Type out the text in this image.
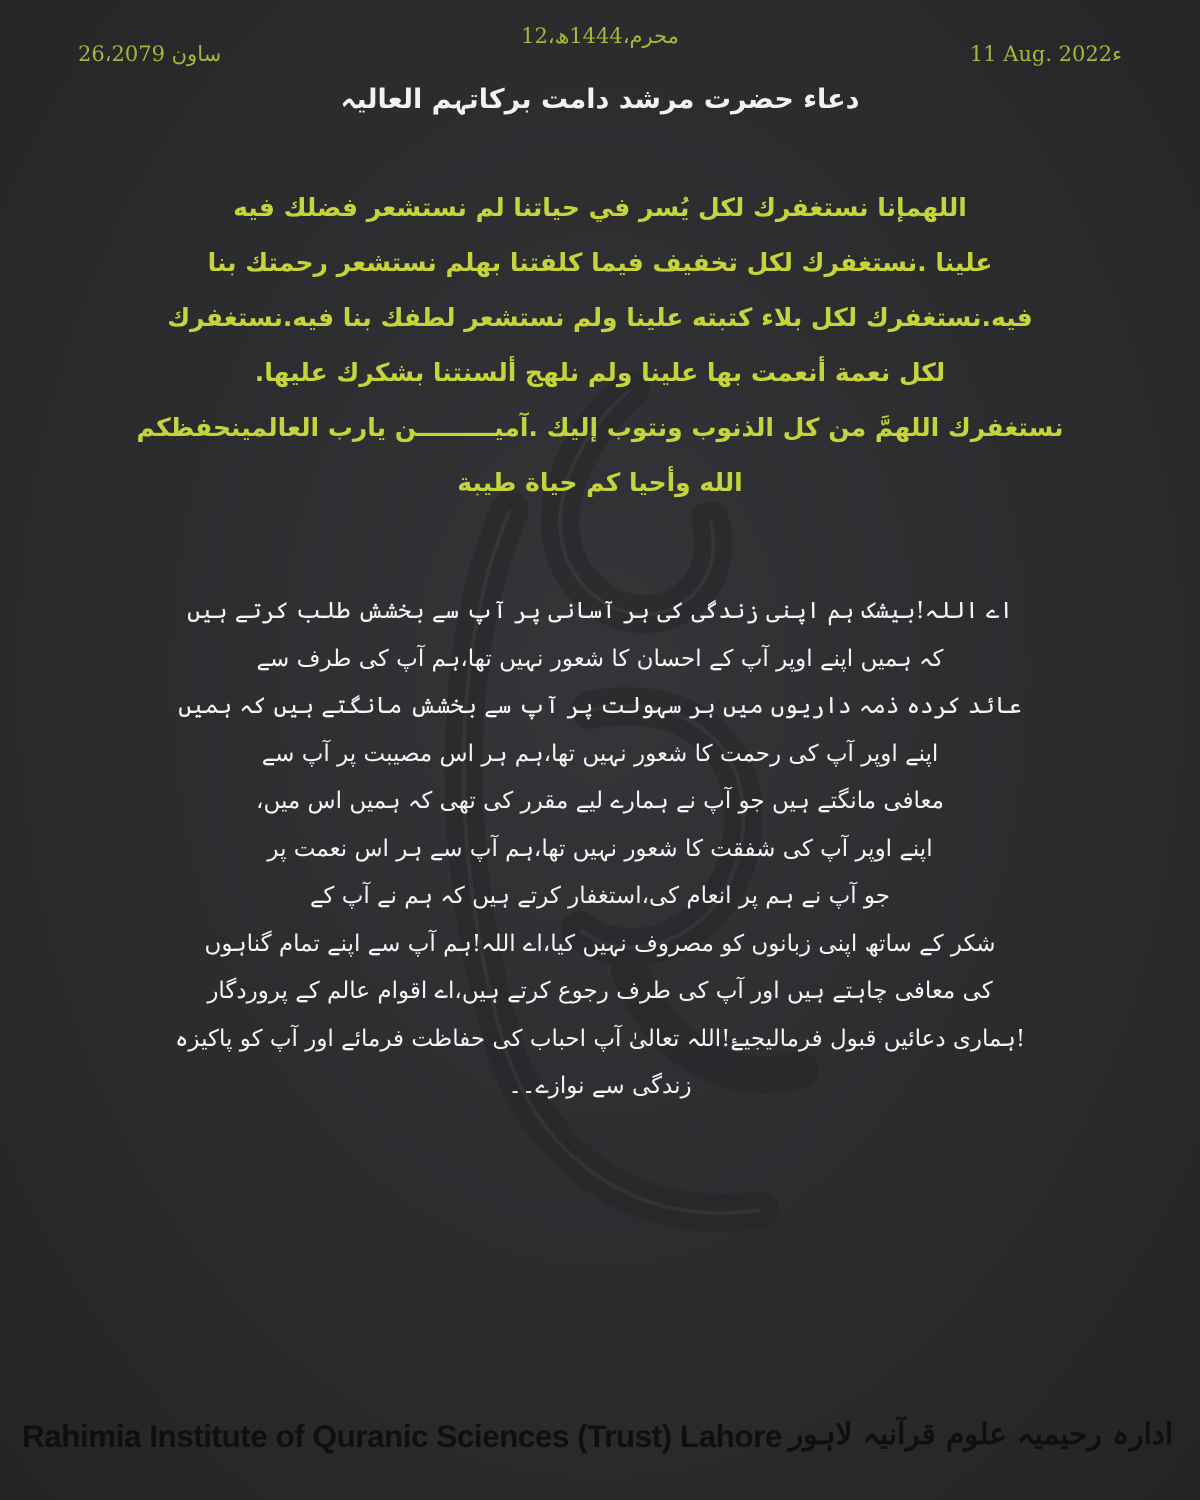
26،ساون 2079
12،محرم،1444ھ
11 Aug. 2022ء
دعاء حضرت مرشد دامت برکاتہم العالیہ
اللهمإنا نستغفرك لكل يُسر في حياتنا لم نستشعر فضلك فيه
علينا .نستغفرك لكل تخفيف فيما كلفتنا بهلم نستشعر رحمتك بنا
فيه.نستغفرك لكل بلاء كتبته علينا ولم نستشعر لطفك بنا فيه.نستغفرك
لكل نعمة أنعمت بها علينا ولم نلهج ألسنتنا بشكرك عليها.
نستغفرك اللهمَّ من كل الذنوب ونتوب إليك .آميـــــــــن يارب العالمينحفظكم
الله وأحيا كم حياة طيبة
اے اللہ!بیشک ہم اپنی زندگی کی ہر آسانی پر آپ سے بخشش طلب کرتے ہیں
کہ ہمیں اپنے اوپر آپ کے احسان کا شعور نہیں تھا،ہم آپ کی طرف سے
عائد کردہ ذمہ داریوں میں ہر سہولت پر آپ سے بخشش مانگتے ہیں کہ ہمیں
اپنے اوپر آپ کی رحمت کا شعور نہیں تھا،ہم ہر اس مصیبت پر آپ سے
معافی مانگتے ہیں جو آپ نے ہمارے لیے مقرر کی تھی کہ ہمیں اس میں،
اپنے اوپر آپ کی شفقت کا شعور نہیں تھا،ہم آپ سے ہر اس نعمت پر
جو آپ نے ہم پر انعام کی،استغفار کرتے ہیں کہ ہم نے آپ کے
شکر کے ساتھ اپنی زبانوں کو مصروف نہیں کیا،اے اللہ!ہم آپ سے اپنے تمام گناہوں
کی معافی چاہتے ہیں اور آپ کی طرف رجوع کرتے ہیں،اے اقوام عالم کے پروردگار
!ہماری دعائیں قبول فرمالیجیۓ!اللہ تعالیٰ آپ احباب کی حفاظت فرمائے اور آپ کو پاکیزہ
زندگی سے نوازے۔۔
Rahimia Institute of Quranic Sciences (Trust) Lahore ادارہ رحیمیہ علوم قرآنیہ لاہور
